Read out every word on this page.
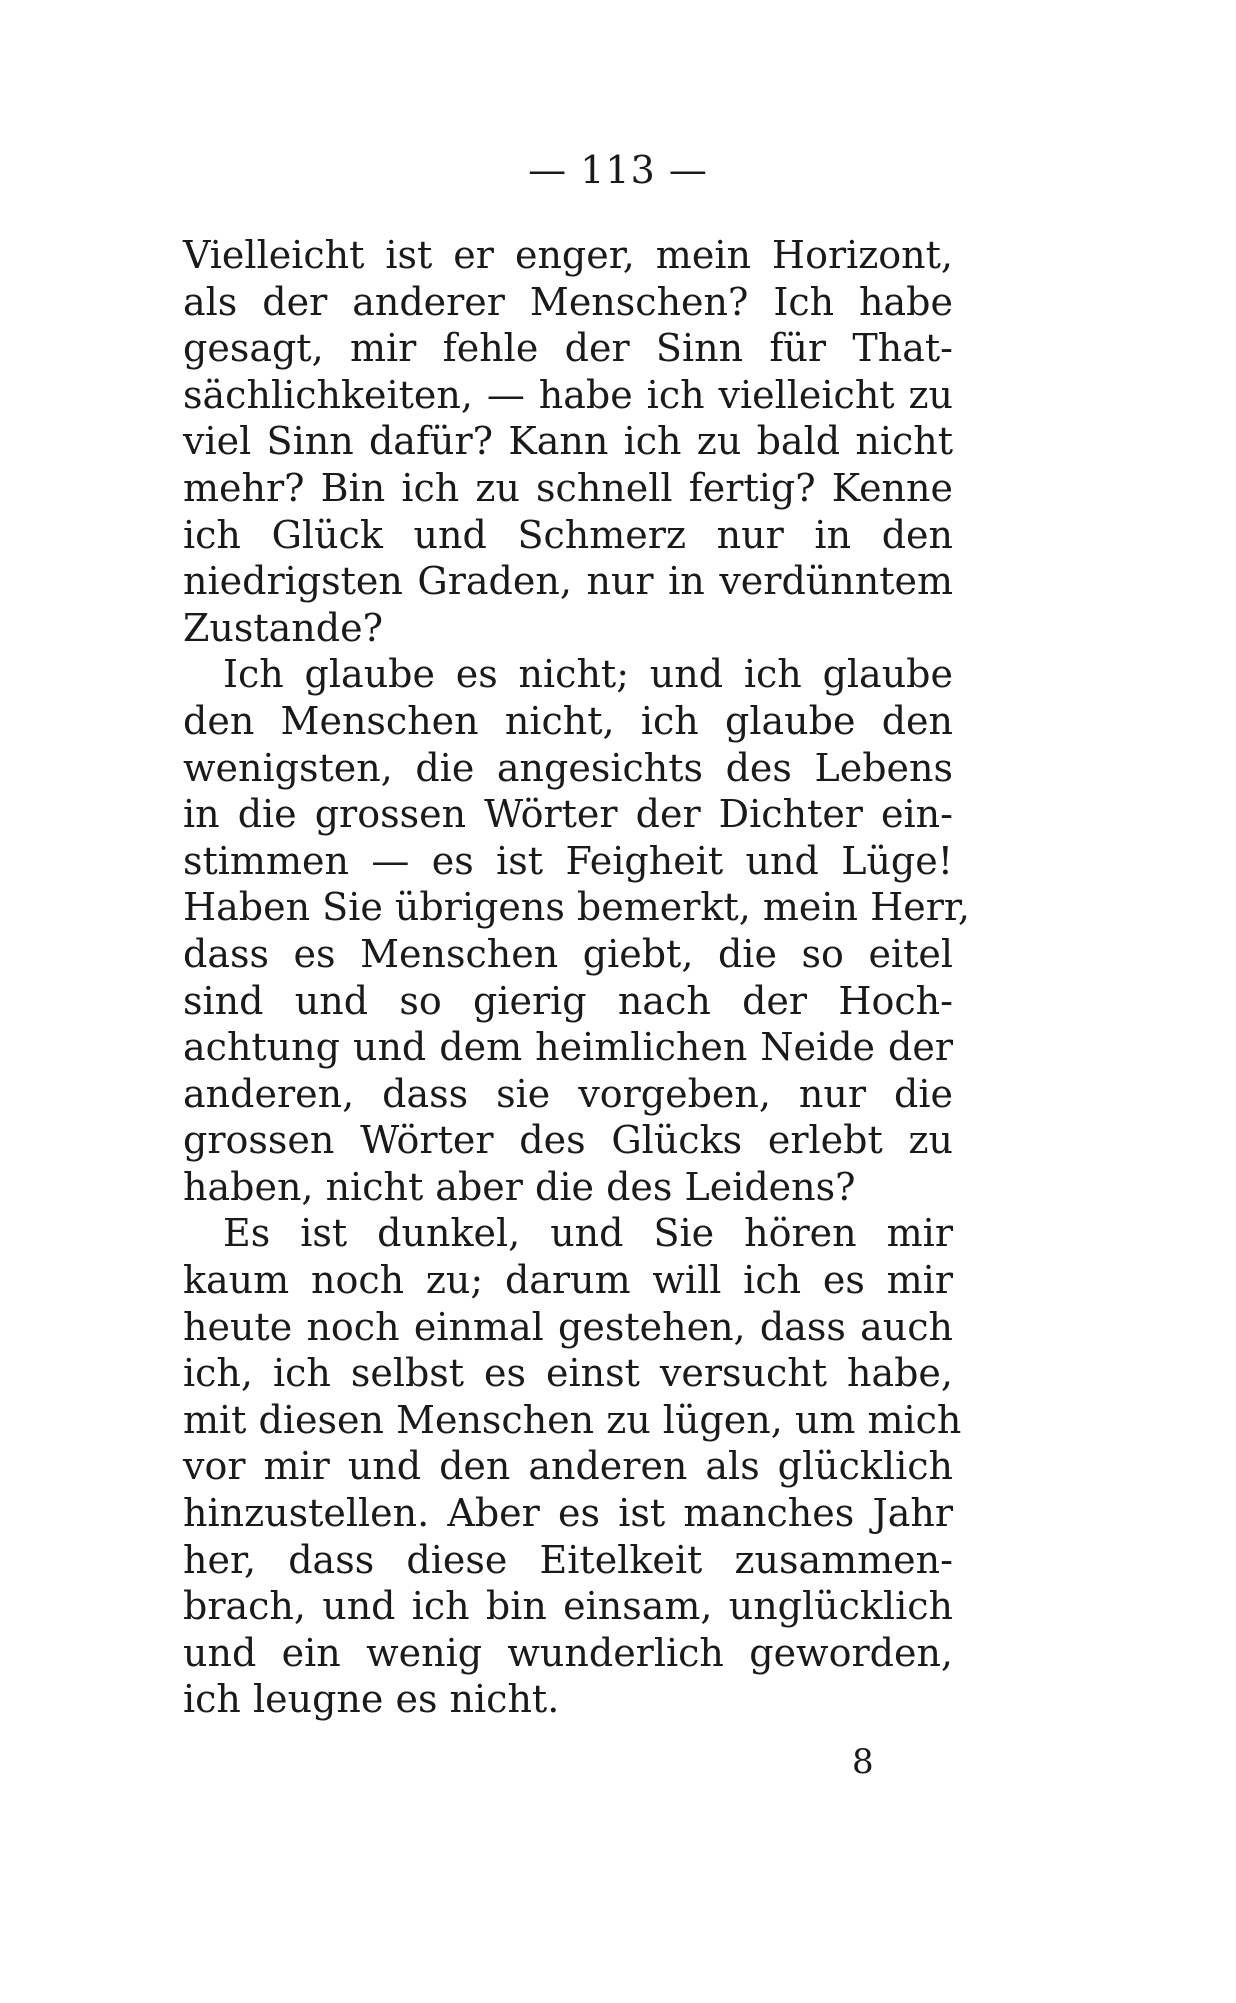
— 113 —
Vielleicht ist er enger, mein Horizont,
als der anderer Menschen? Ich habe
gesagt, mir fehle der Sinn für That-
sächlichkeiten, — habe ich vielleicht zu
viel Sinn dafür? Kann ich zu bald nicht
mehr? Bin ich zu schnell fertig? Kenne
ich Glück und Schmerz nur in den
niedrigsten Graden, nur in verdünntem
Zustande?
Ich glaube es nicht; und ich glaube
den Menschen nicht, ich glaube den
wenigsten, die angesichts des Lebens
in die grossen Wörter der Dichter ein-
stimmen — es ist Feigheit und Lüge!
Haben Sie übrigens bemerkt, mein Herr,
dass es Menschen giebt, die so eitel
sind und so gierig nach der Hoch-
achtung und dem heimlichen Neide der
anderen, dass sie vorgeben, nur die
grossen Wörter des Glücks erlebt zu
haben, nicht aber die des Leidens?
Es ist dunkel, und Sie hören mir
kaum noch zu; darum will ich es mir
heute noch einmal gestehen, dass auch
ich, ich selbst es einst versucht habe,
mit diesen Menschen zu lügen, um mich
vor mir und den anderen als glücklich
hinzustellen. Aber es ist manches Jahr
her, dass diese Eitelkeit zusammen-
brach, und ich bin einsam, unglücklich
und ein wenig wunderlich geworden,
ich leugne es nicht.
8
